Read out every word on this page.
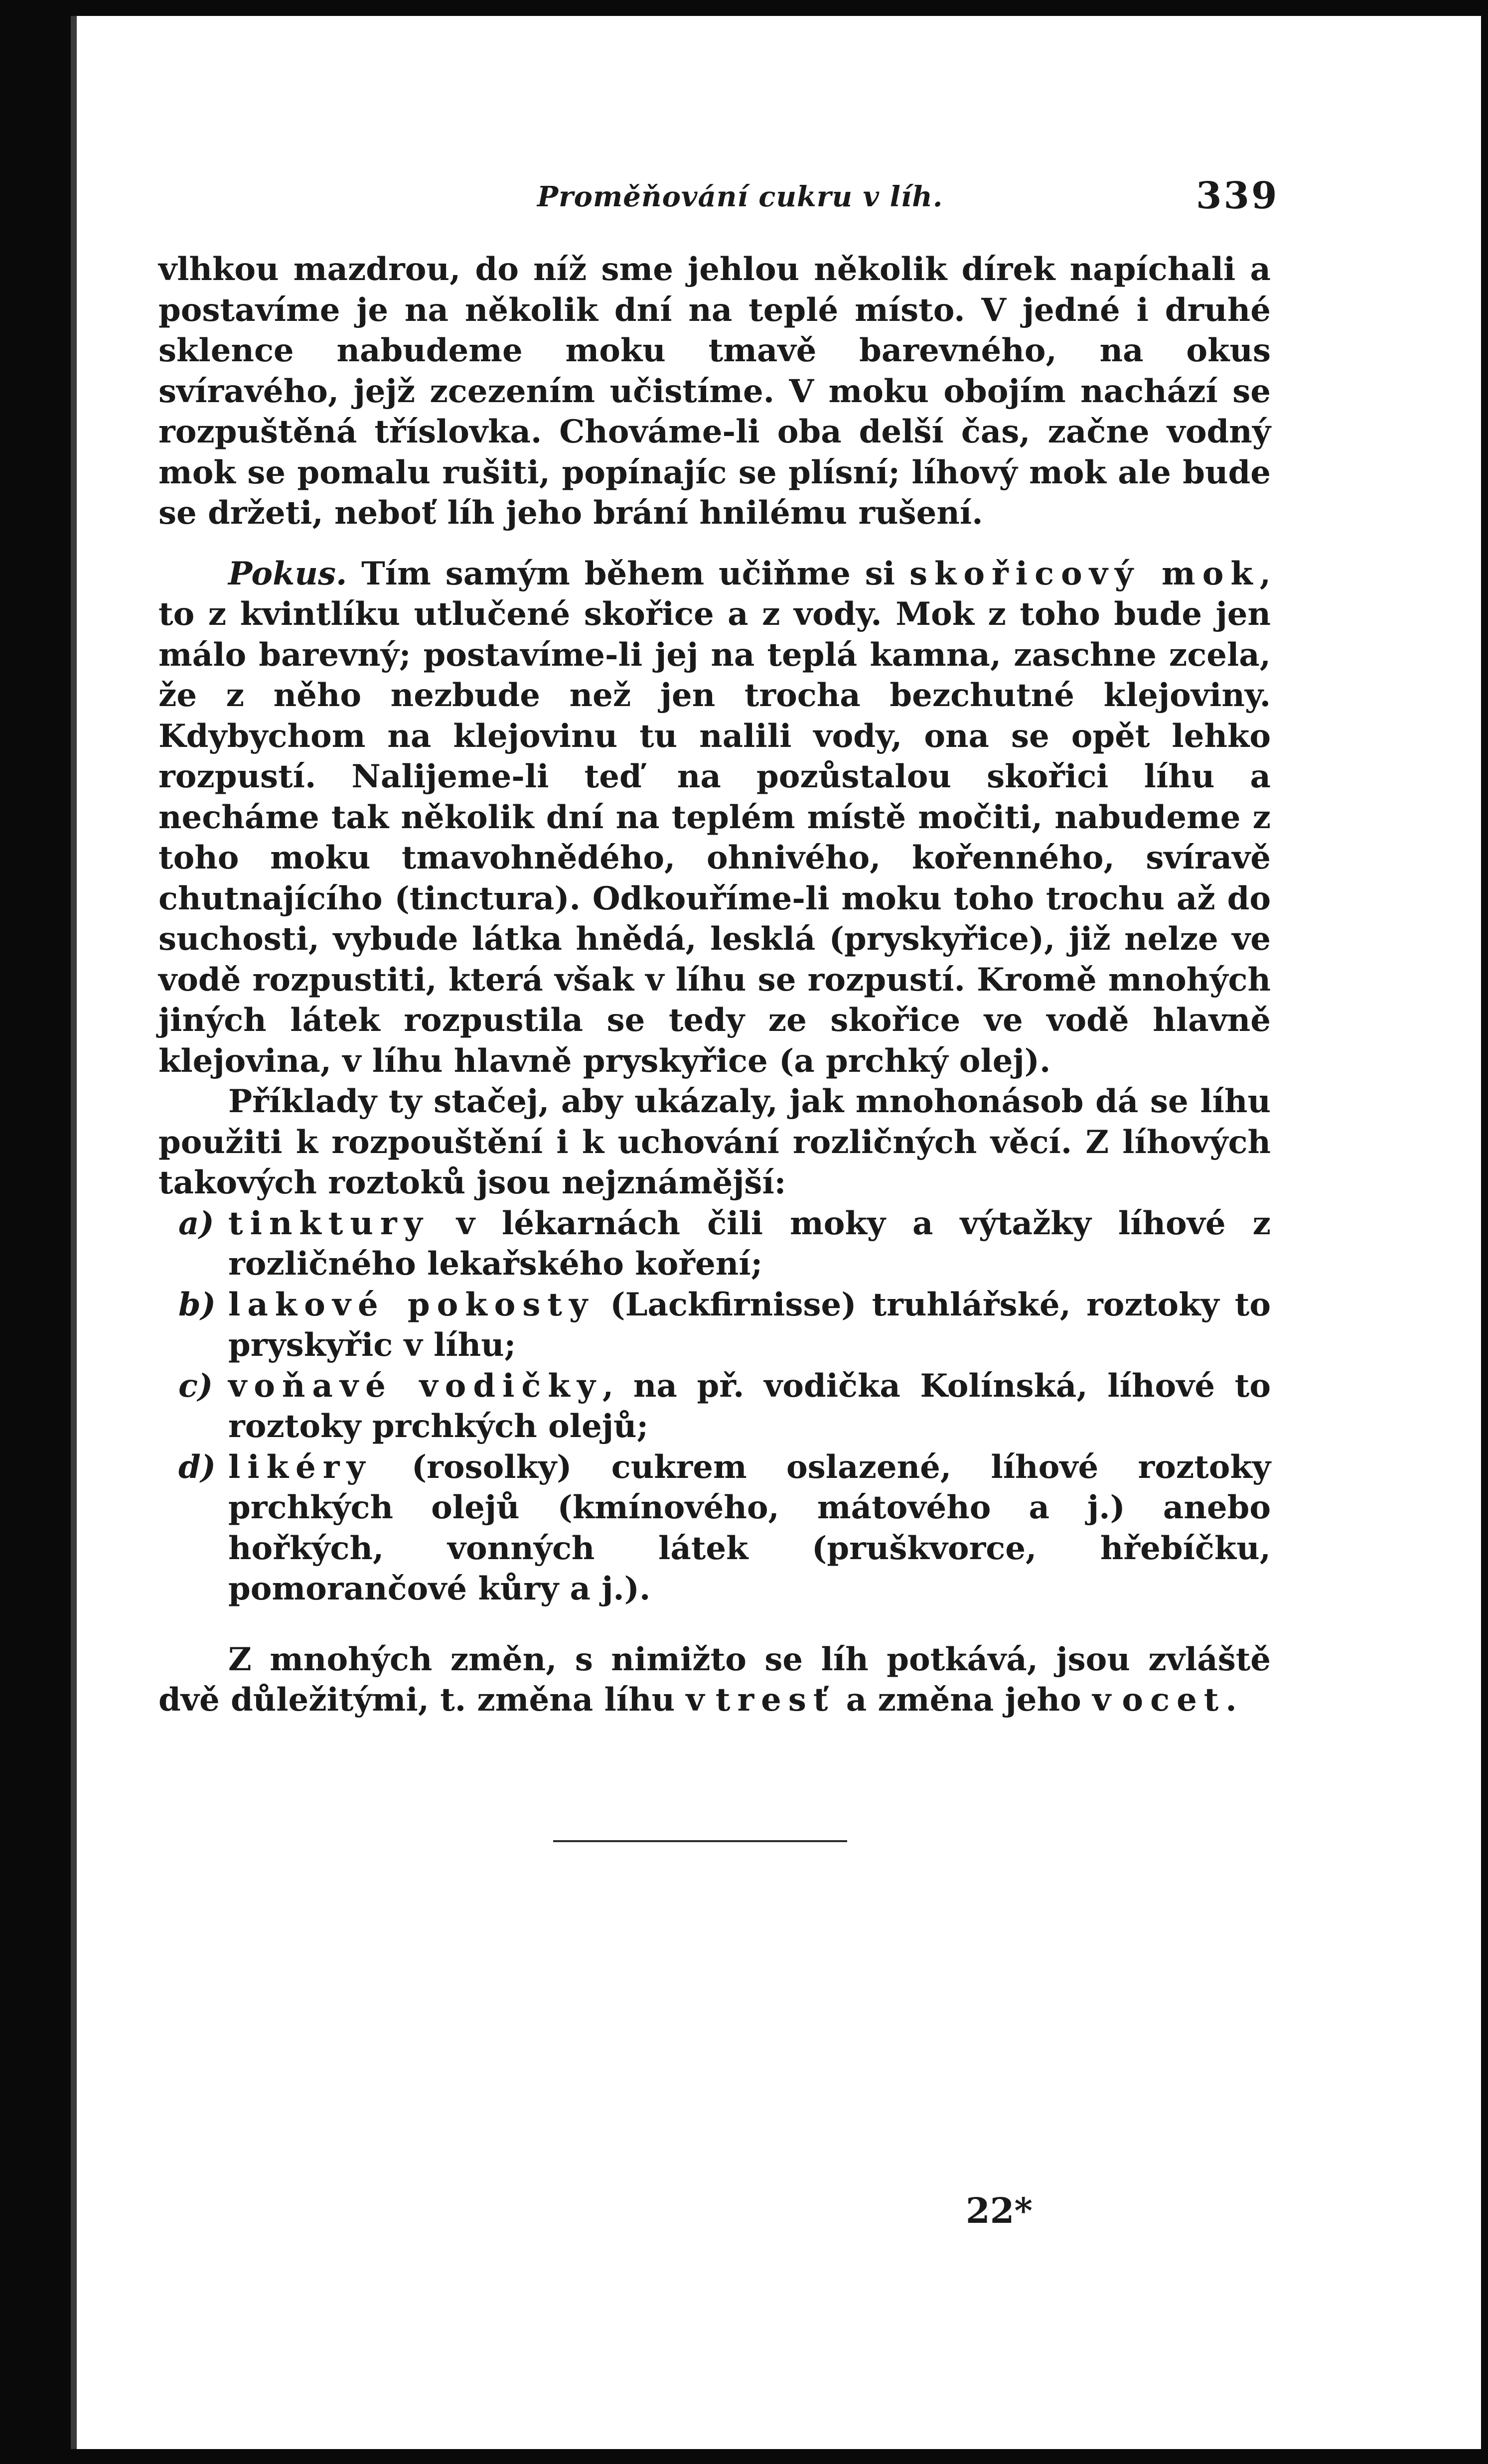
Proměňování cukru v líh.	339

vlhkou mazdrou, do níž sme jehlou několik dírek napíchali a postavíme je na několik dní na teplé místo. V jedné i druhé sklence nabudeme moku tmavě barevného, na okus svíravého, jejž zcezením učistíme. V moku obojím nachází se rozpuštěná tříslovka. Chováme-li oba delší čas, začne vodný mok se pomalu rušiti, popínajíc se plísní; líhový mok ale bude se držeti, neboť líh jeho brání hnilému rušení.

Pokus. Tím samým během učiňme si skořicový mok, to z kvintlíku utlučené skořice a z vody. Mok z toho bude jen málo barevný; postavíme-li jej na teplá kamna, zaschne zcela, že z něho nezbude než jen trocha bezchutné klejoviny. Kdybychom na klejovinu tu nalili vody, ona se opět lehko rozpustí. Nalijeme-li teď na pozůstalou skořici líhu a necháme tak několik dní na teplém místě močiti, nabudeme z toho moku tmavohnědého, ohnivého, kořenného, svíravě chutnajícího (tinctura). Odkouříme-li moku toho trochu až do suchosti, vybude látka hnědá, lesklá (pryskyřice), již nelze ve vodě rozpustiti, která však v líhu se rozpustí. Kromě mnohých jiných látek rozpustila se tedy ze skořice ve vodě hlavně klejovina, v líhu hlavně pryskyřice (a prchký olej).

Příklady ty stačej, aby ukázaly, jak mnohonásob dá se líhu použiti k rozpouštění i k uchování rozličných věcí. Z líhových takových roztoků jsou nejznámější:

a) tinktury v lékarnách čili moky a výtažky líhové z rozličného lekařského koření;
b) lakové pokosty (Lackfirnisse) truhlářské, roztoky to pryskyřic v líhu;
c) voňavé vodičky, na př. vodička Kolínská, líhové to roztoky prchkých olejů;
d) likéry (rosolky) cukrem oslazené, líhové roztoky prchkých olejů (kmínového, mátového a j.) anebo hořkých, vonných látek (pruškvorce, hřebíčku, pomorančové kůry a j.).

Z mnohých změn, s nimižto se líh potkává, jsou zvláště dvě důležitými, t. změna líhu v tresť a změna jeho v ocet.

22*
